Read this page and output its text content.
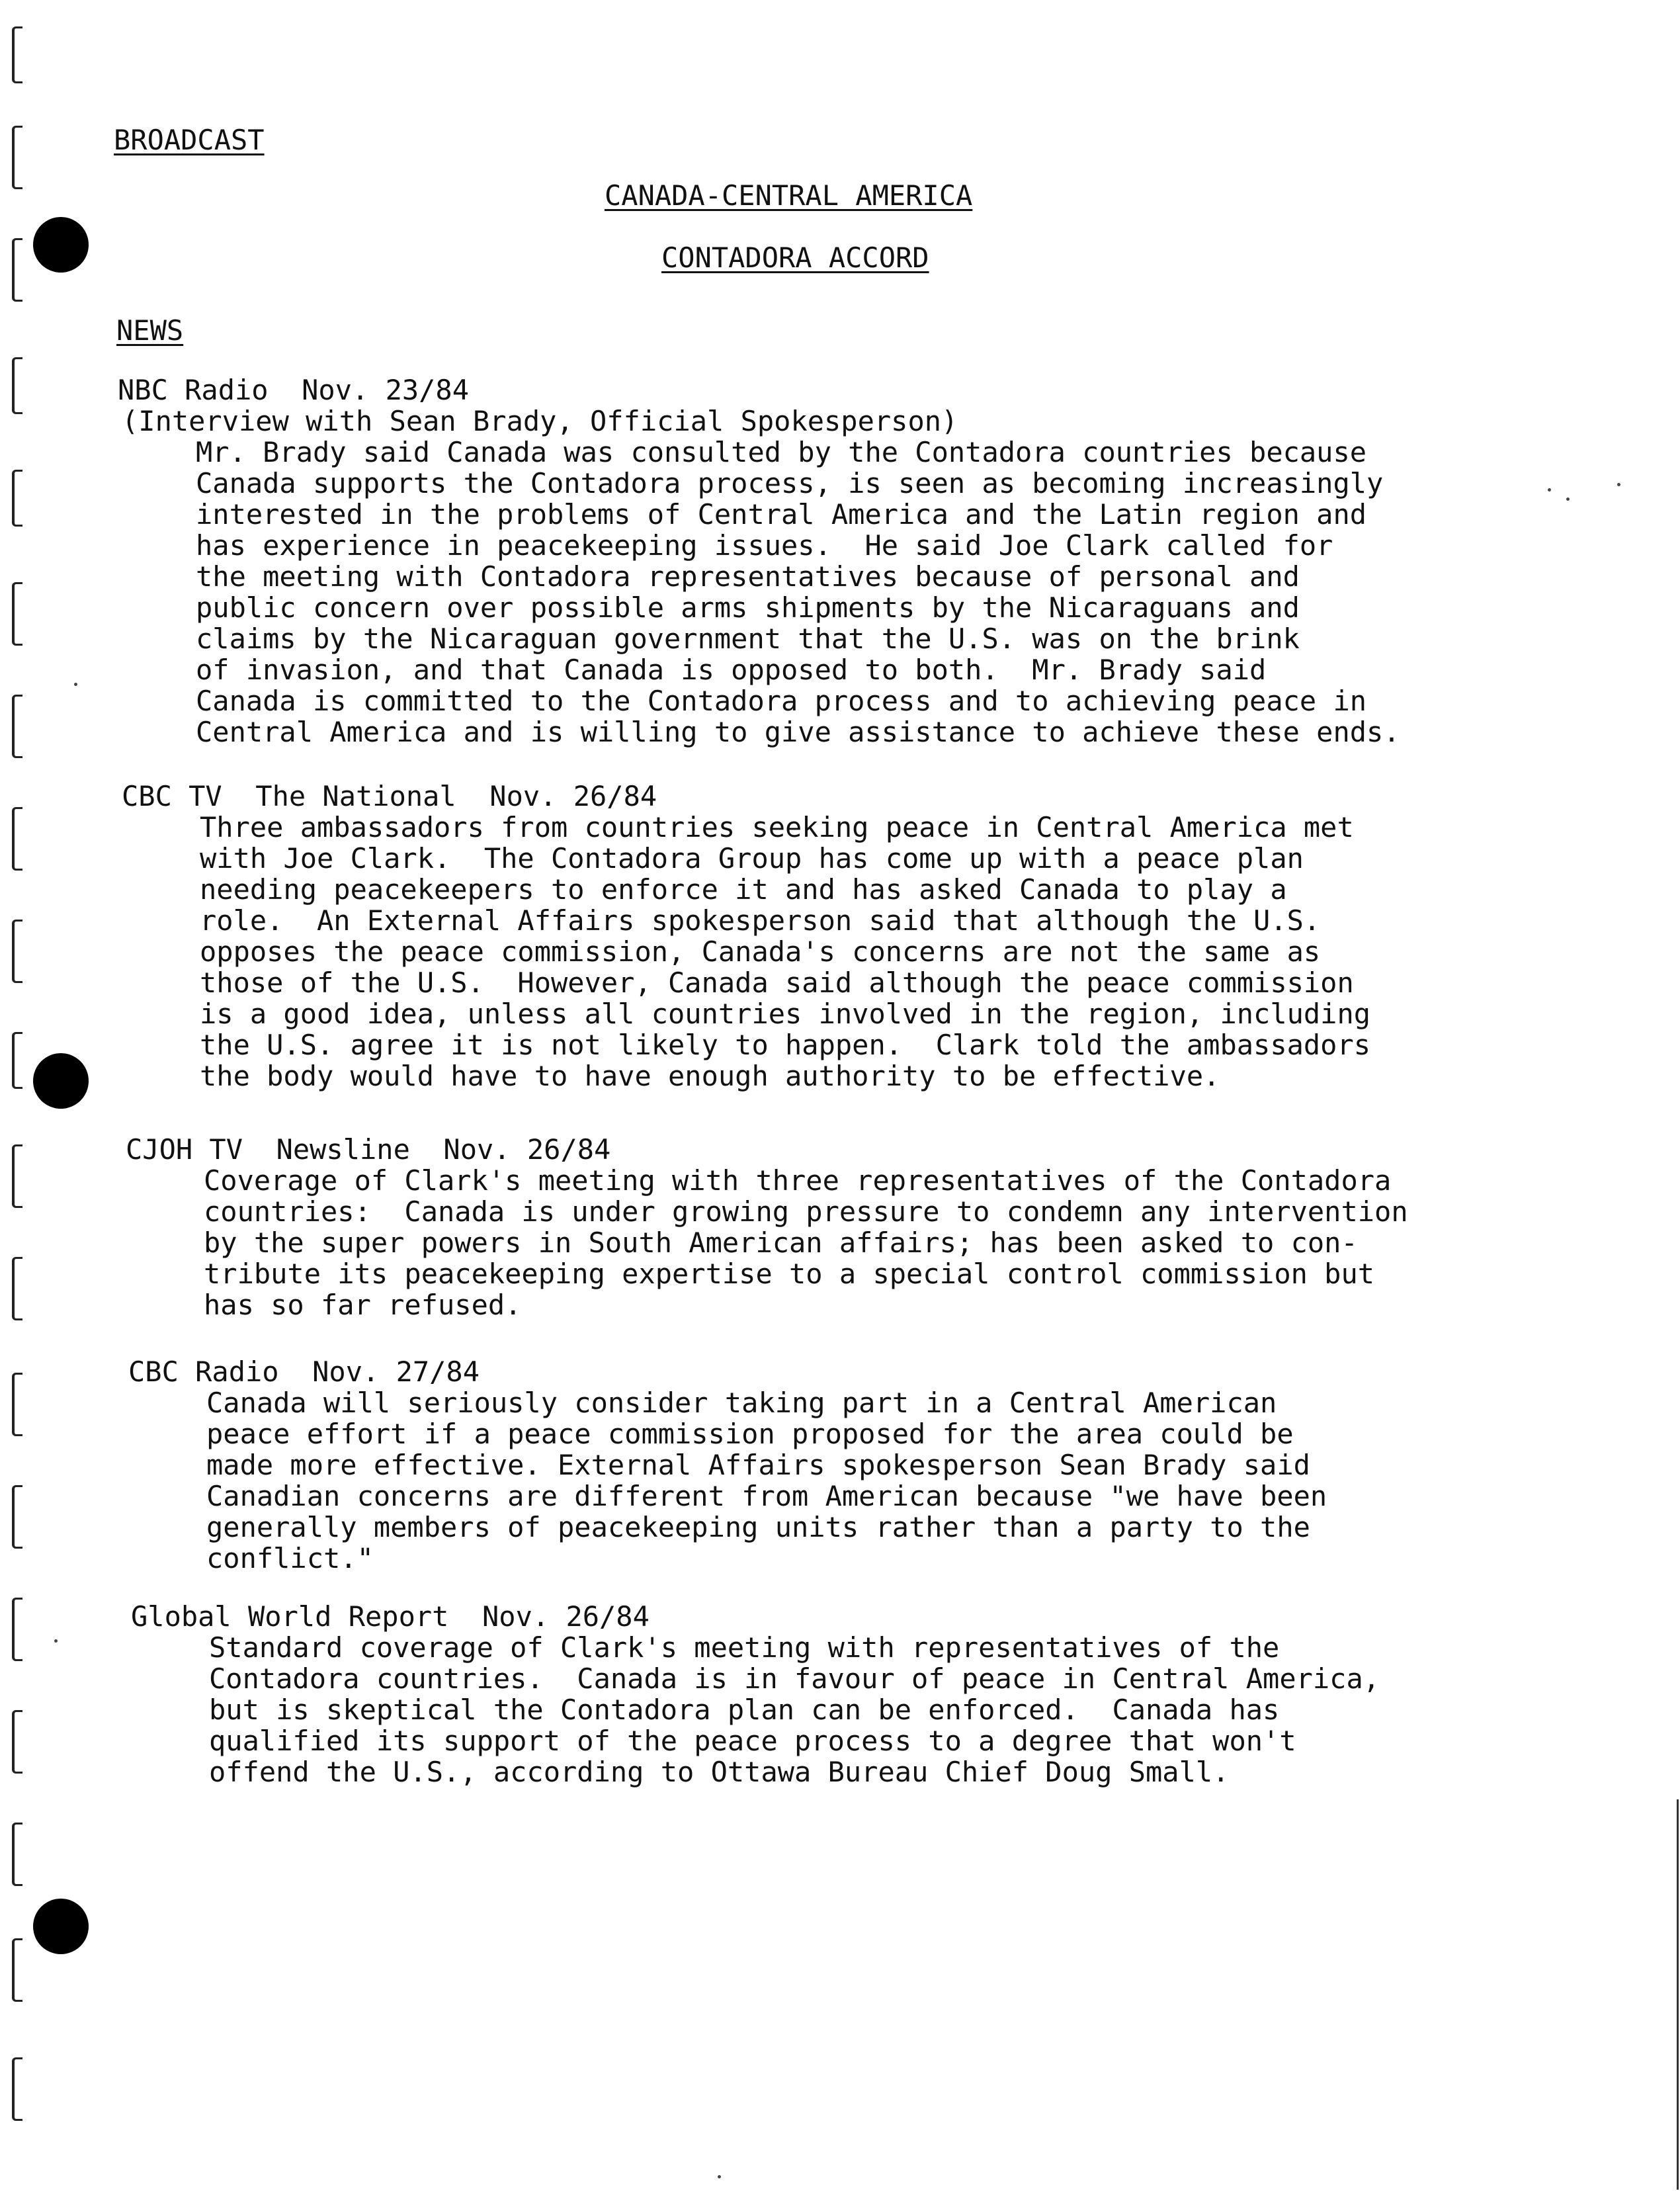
BROADCAST
CANADA-CENTRAL AMERICA
CONTADORA ACCORD
NEWS
NBC Radio  Nov. 23/84
(Interview with Sean Brady, Official Spokesperson)
Mr. Brady said Canada was consulted by the Contadora countries because
Canada supports the Contadora process, is seen as becoming increasingly
interested in the problems of Central America and the Latin region and
has experience in peacekeeping issues.  He said Joe Clark called for
the meeting with Contadora representatives because of personal and
public concern over possible arms shipments by the Nicaraguans and
claims by the Nicaraguan government that the U.S. was on the brink
of invasion, and that Canada is opposed to both.  Mr. Brady said
Canada is committed to the Contadora process and to achieving peace in
Central America and is willing to give assistance to achieve these ends.
CBC TV  The National  Nov. 26/84
Three ambassadors from countries seeking peace in Central America met
with Joe Clark.  The Contadora Group has come up with a peace plan
needing peacekeepers to enforce it and has asked Canada to play a
role.  An External Affairs spokesperson said that although the U.S.
opposes the peace commission, Canada's concerns are not the same as
those of the U.S.  However, Canada said although the peace commission
is a good idea, unless all countries involved in the region, including
the U.S. agree it is not likely to happen.  Clark told the ambassadors
the body would have to have enough authority to be effective.
CJOH TV  Newsline  Nov. 26/84
Coverage of Clark's meeting with three representatives of the Contadora
countries:  Canada is under growing pressure to condemn any intervention
by the super powers in South American affairs; has been asked to con-
tribute its peacekeeping expertise to a special control commission but
has so far refused.
CBC Radio  Nov. 27/84
Canada will seriously consider taking part in a Central American
peace effort if a peace commission proposed for the area could be
made more effective. External Affairs spokesperson Sean Brady said
Canadian concerns are different from American because "we have been
generally members of peacekeeping units rather than a party to the
conflict."
Global World Report  Nov. 26/84
Standard coverage of Clark's meeting with representatives of the
Contadora countries.  Canada is in favour of peace in Central America,
but is skeptical the Contadora plan can be enforced.  Canada has
qualified its support of the peace process to a degree that won't
offend the U.S., according to Ottawa Bureau Chief Doug Small.
